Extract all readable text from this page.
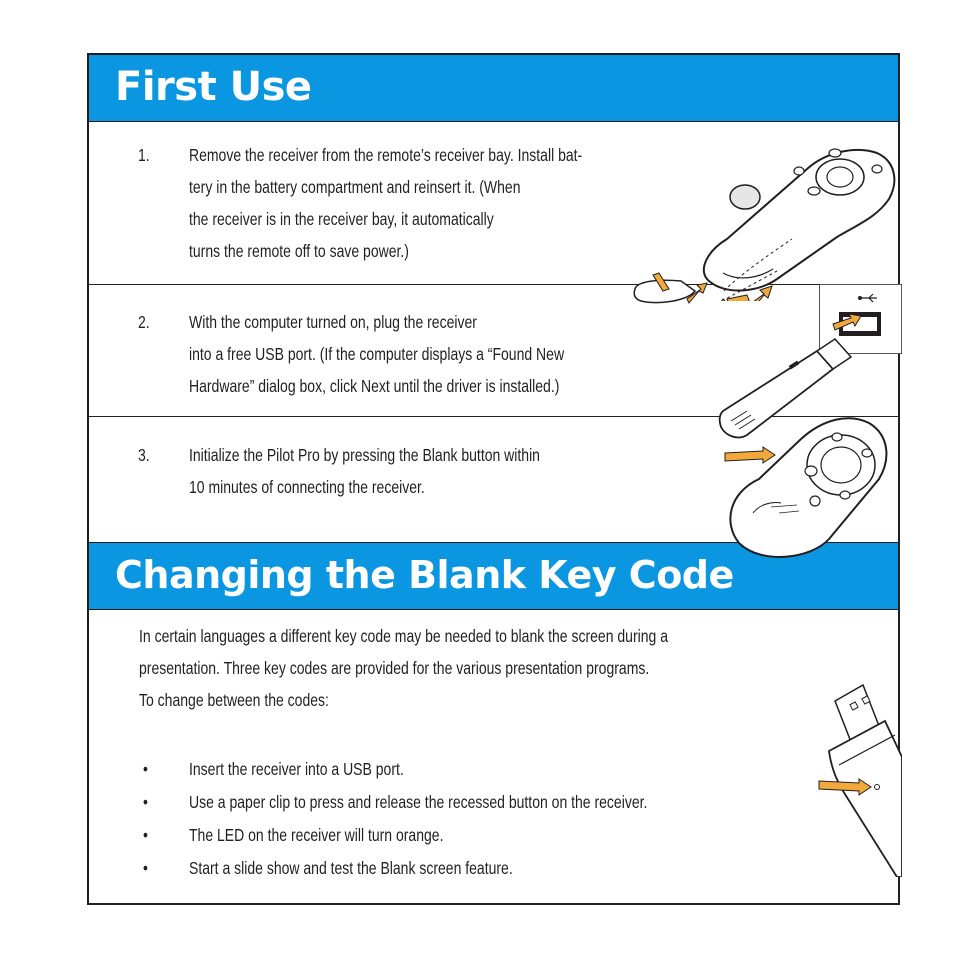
First Use
1. Remove the receiver from the remote’s receiver bay. Install bat-
tery in the battery compartment and reinsert it. (When
the receiver is in the receiver bay, it automatically
turns the remote off to save power.)
2. With the computer turned on, plug the receiver
into a free USB port. (If the computer displays a “Found New
Hardware” dialog box, click Next until the driver is installed.)
3. Initialize the Pilot Pro by pressing the Blank button within
10 minutes of connecting the receiver.
Changing the Blank Key Code
In certain languages a different key code may be needed to blank the screen during a
presentation. Three key codes are provided for the various presentation programs.
To change between the codes:
• Insert the receiver into a USB port.
• Use a paper clip to press and release the recessed button on the receiver.
• The LED on the receiver will turn orange.
• Start a slide show and test the Blank screen feature.
